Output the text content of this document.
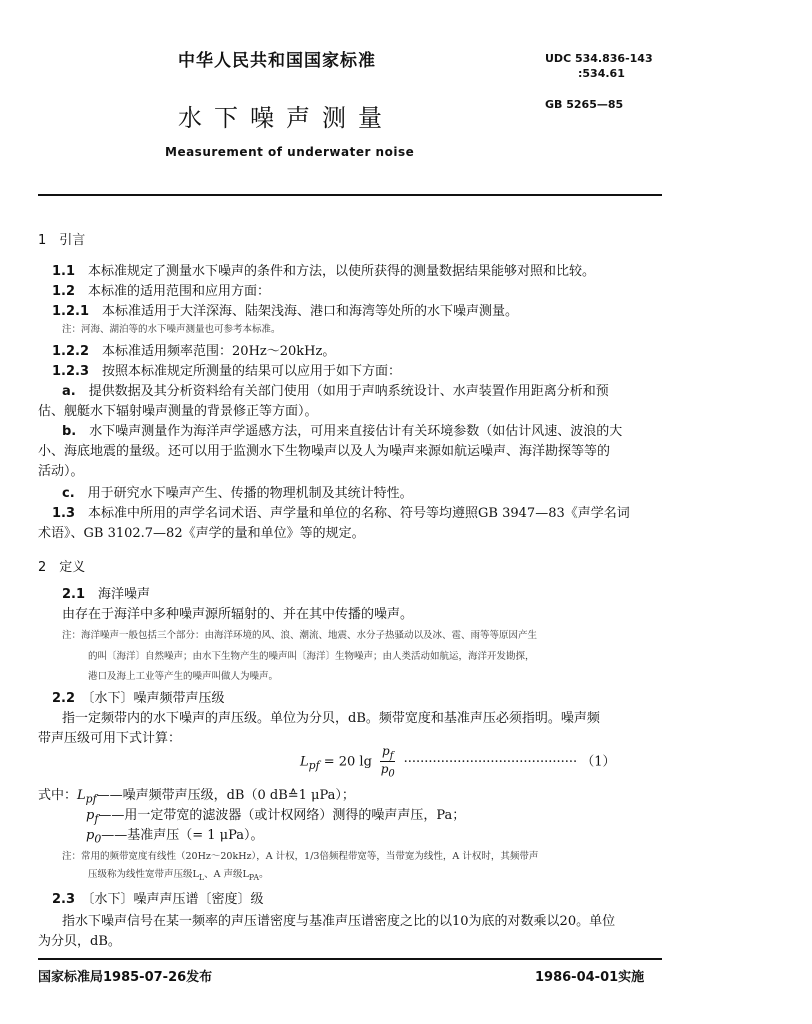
中华人民共和国国家标准	UDC 534.836-143
:534.61
GB 5265—85
水下噪声测量
Measurement of underwater noise
1　引言
1.1　 本标准规定了测量水下噪声的条件和方法，以使所获得的测量数据结果能够对照和比较。
1.2　 本标准的适用范围和应用方面：
1.2.1　 本标准适用于大洋深海、陆架浅海、港口和海湾等处所的水下噪声测量。
注：河海、湖泊等的水下噪声测量也可参考本标准。
1.2.2　 本标准适用频率范围：20Hz～20kHz。
1.2.3　 按照本标准规定所测量的结果可以应用于如下方面：
a.　 提供数据及其分析资料给有关部门使用（如用于声呐系统设计、水声装置作用距离分析和预
估、舰艇水下辐射噪声测量的背景修正等方面）。
b.　 水下噪声测量作为海洋声学遥感方法，可用来直接估计有关环境参数（如估计风速、波浪的大
小、海底地震的量级。还可以用于监测水下生物噪声以及人为噪声来源如航运噪声、海洋勘探等等的
活动）。
c.　 用于研究水下噪声产生、传播的物理机制及其统计特性。
1.3　 本标准中所用的声学名词术语、声学量和单位的名称、符号等均遵照GB 3947—83《声学名词
术语》、GB 3102.7—82《声学的量和单位》等的规定。
2　定义
2.1　 海洋噪声
由存在于海洋中多种噪声源所辐射的、并在其中传播的噪声。
注：海洋噪声一般包括三个部分：由海洋环境的风、浪、潮流、地震、水分子热骚动以及冰、雹、雨等等原因产生
的叫〔海洋〕自然噪声；由水下生物产生的噪声叫〔海洋〕生物噪声；由人类活动如航运，海洋开发勘探，
港口及海上工业等产生的噪声叫做人为噪声。
2.2　 〔水下〕噪声频带声压级
指一定频带内的水下噪声的声压级。单位为分贝，dB。频带宽度和基准声压必须指明。噪声频
带声压级可用下式计算：
$L_{pf} = 20$ $\lg \frac{p_f}{p_0}$ ·········································· （1）
式中：$L_{pf}——$噪声频带声压级，dB（0 dB≙1 μPa）；
$p_f——$用一定带宽的滤波器（或计权网络）测得的噪声声压，Pa；
$p_0——$基准声压（= 1 μPa）。
注：常用的频带宽度有线性（20Hz～20kHz），A 计权，1/3倍频程带宽等，当带宽为线性，A 计权时，其频带声
压级称为线性宽带声压级$L_L$、A 声级$L_{PA}$。
2.3　 〔水下〕噪声声压谱〔密度〕级
指水下噪声信号在某一频率的声压谱密度与基准声压谱密度之比的以10为底的对数乘以20。单位
为分贝，dB。
国家标准局1985-07-26发布	1986-04-01实施
